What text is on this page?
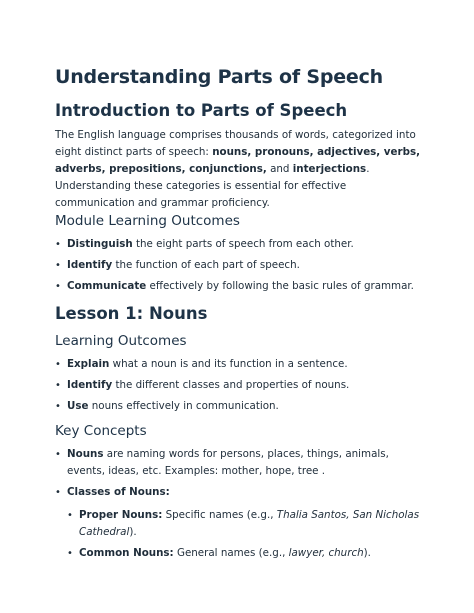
Understanding Parts of Speech
Introduction to Parts of Speech

The English language comprises thousands of words, categorized into eight distinct parts of speech: nouns, pronouns, adjectives, verbs, adverbs, prepositions, conjunctions, and interjections. Understanding these categories is essential for effective communication and grammar proficiency.

Module Learning Outcomes
• Distinguish the eight parts of speech from each other.
• Identify the function of each part of speech.
• Communicate effectively by following the basic rules of grammar.
Lesson 1: Nouns
Learning Outcomes
• Explain what a noun is and its function in a sentence.
• Identify the different classes and properties of nouns.
• Use nouns effectively in communication.
Key Concepts
• Nouns are naming words for persons, places, things, animals, events, ideas, etc. Examples: mother, hope, tree .
• Classes of Nouns:
• Proper Nouns: Specific names (e.g., Thalia Santos, San Nicholas Cathedral).
• Common Nouns: General names (e.g., lawyer, church).
